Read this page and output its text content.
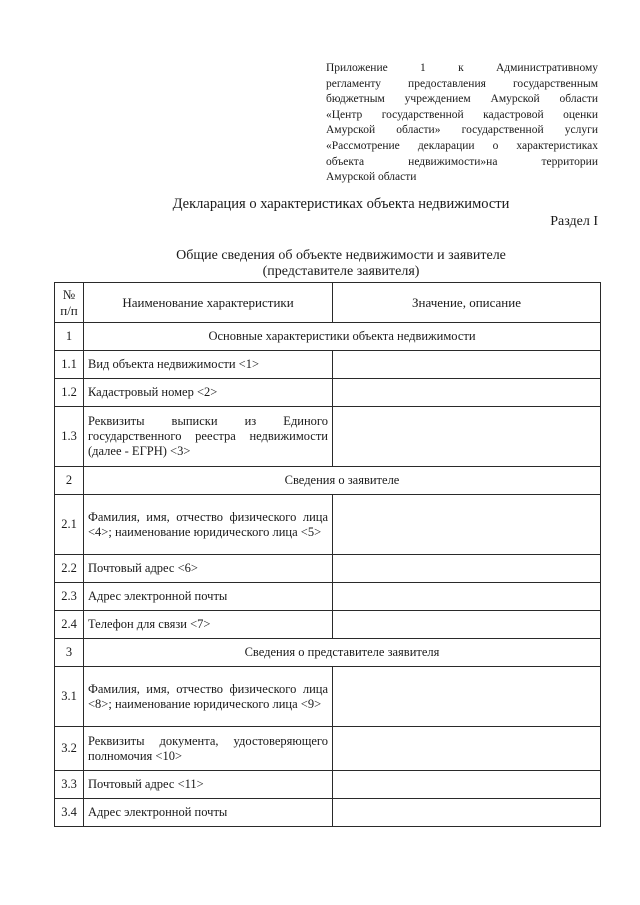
Приложение 1 к Административному
регламенту предоставления государственным
бюджетным учреждением Амурской области
«Центр государственной кадастровой оценки
Амурской области» государственной услуги
«Рассмотрение декларации о характеристиках
объекта недвижимости»на территории
Амурской области
Декларация о характеристиках объекта недвижимости
Раздел I
Общие сведения об объекте недвижимости и заявителе
(представителе заявителя)
№ п/п	Наименование характеристики	Значение, описание
1	Основные характеристики объекта недвижимости	
1.1	Вид объекта недвижимости <1>	
1.2	Кадастровый номер <2>	
1.3	Реквизиты выписки из Единого государственного реестра недвижимости (далее - ЕГРН) <3>	
2	Сведения о заявителе	
2.1	Фамилия, имя, отчество физического лица <4>; наименование юридического лица <5>	
2.2	Почтовый адрес <6>	
2.3	Адрес электронной почты	
2.4	Телефон для связи <7>	
3	Сведения о представителе заявителя	
3.1	Фамилия, имя, отчество физического лица <8>; наименование юридического лица <9>	
3.2	Реквизиты документа, удостоверяющего полномочия <10>	
3.3	Почтовый адрес <11>	
3.4	Адрес электронной почты	
